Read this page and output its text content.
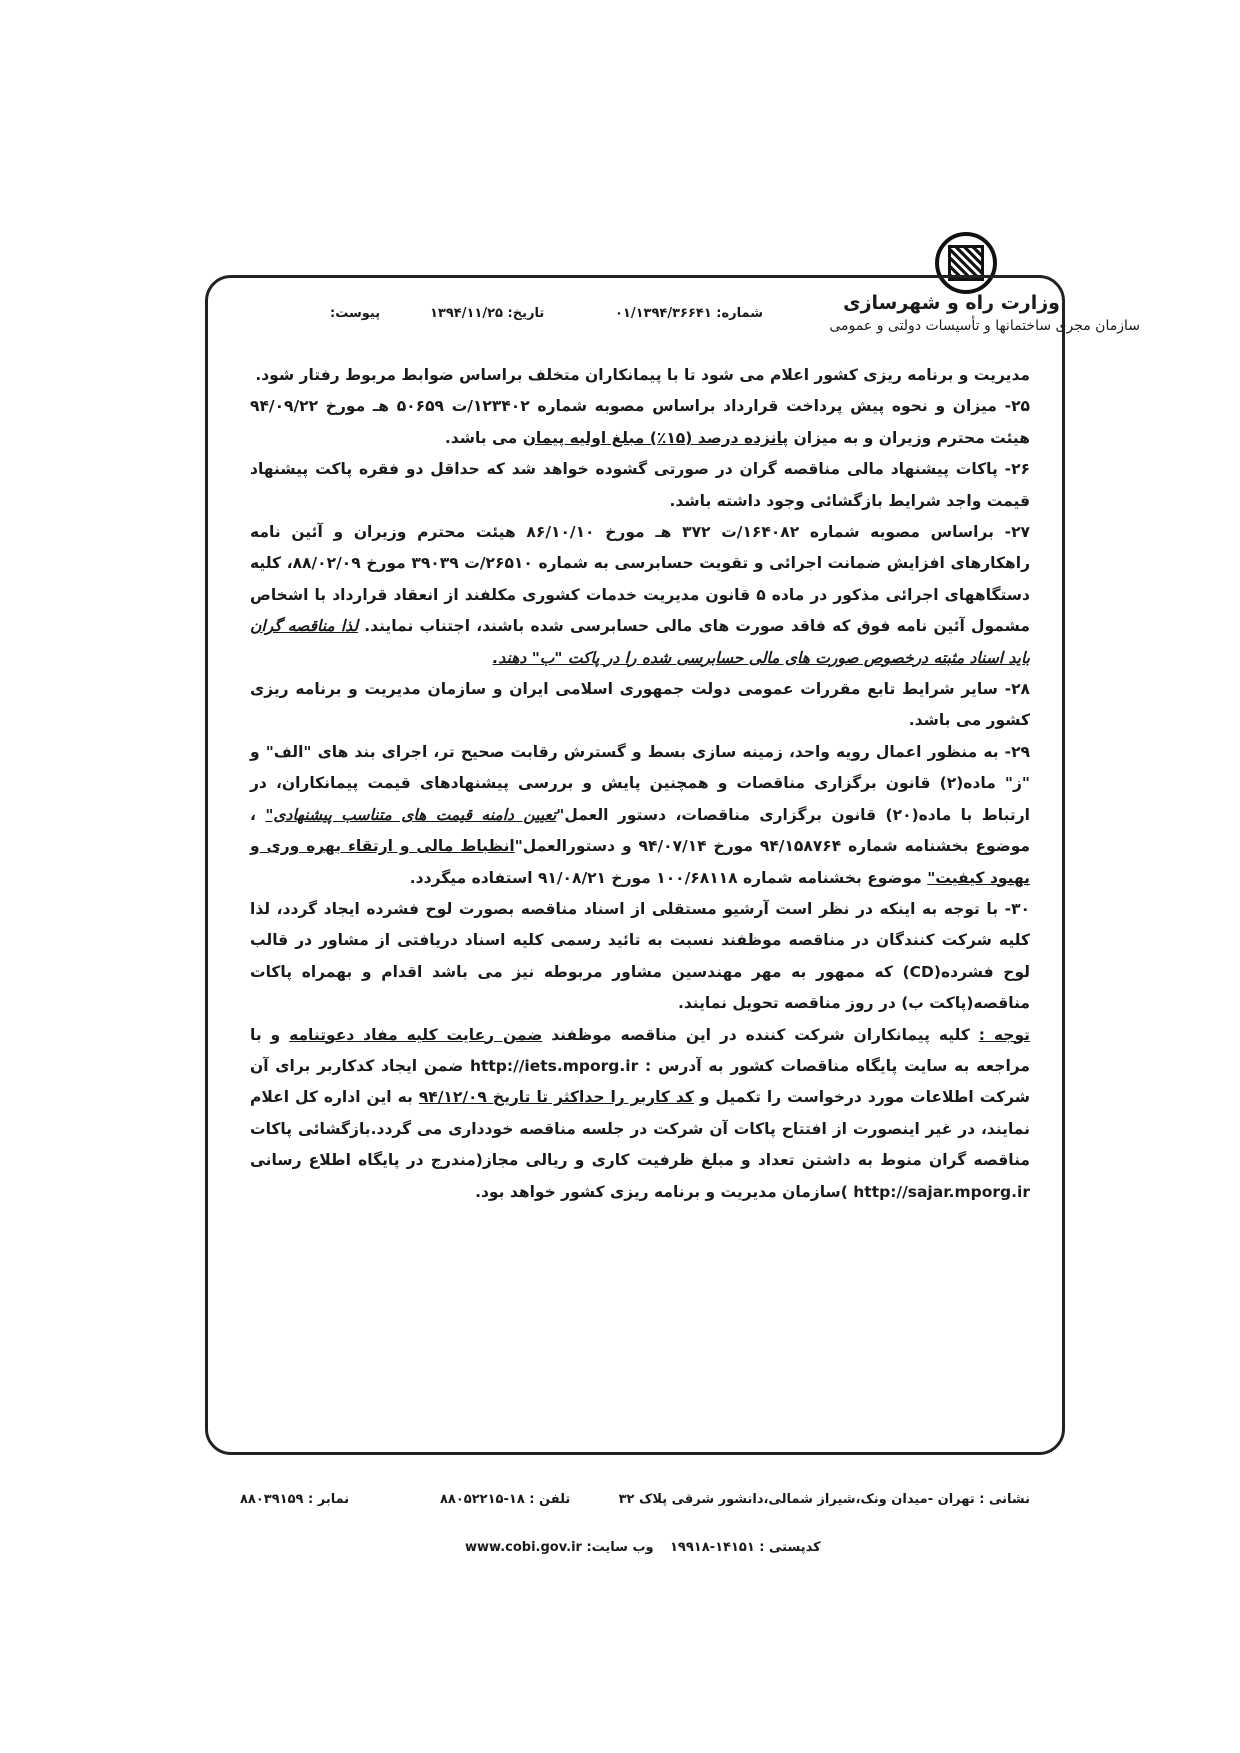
وزارت راه و شهرسازی
سازمان مجری ساختمانها و تأسیسات دولتی و عمومی
شماره: ۰۱/۱۳۹۴/۳۶۶۴۱
تاریخ: ۱۳۹۴/۱۱/۲۵
پیوست:

مدیریت و برنامه ریزی کشور اعلام می شود تا با پیمانکاران متخلف براساس ضوابط مربوط رفتار شود.

۲۵- میزان و نحوه پیش پرداخت قرارداد براساس مصوبه شماره ۱۲۳۴۰۲/ت ۵۰۶۵۹ هـ مورخ ۹۴/۰۹/۲۲ هیئت محترم وزیران و به میزان پانزده درصد (۱۵٪) مبلغ اولیه پیمان می باشد.

۲۶- پاکات پیشنهاد مالی مناقصه گران در صورتی گشوده خواهد شد که حداقل دو فقره پاکت پیشنهاد قیمت واجد شرایط بازگشائی وجود داشته باشد.

۲۷- براساس مصوبه شماره ۱۶۴۰۸۲/ت ۳۷۲ هـ مورخ ۸۶/۱۰/۱۰ هیئت محترم وزیران و آئین نامه راهکارهای افزایش ضمانت اجرائی و تقویت حسابرسی به شماره ۲۶۵۱۰/ت ۳۹۰۳۹ مورخ ۸۸/۰۲/۰۹، کلیه دستگاههای اجرائی مذکور در ماده ۵ قانون مدیریت خدمات کشوری مکلفند از انعقاد قرارداد با اشخاص مشمول آئین نامه فوق که فاقد صورت های مالی حسابرسی شده باشند، اجتناب نمایند. لذا مناقصه گران باید اسناد مثبته درخصوص صورت های مالی حسابرسی شده را در پاکت "ب" دهند.

۲۸- سایر شرایط تابع مقررات عمومی دولت جمهوری اسلامی ایران و سازمان مدیریت و برنامه ریزی کشور می باشد.

۲۹- به منظور اعمال رویه واحد، زمینه سازی بسط و گسترش رقابت صحیح تر، اجرای بند های "الف" و "ز" ماده(۲) قانون برگزاری مناقصات و همچنین پایش و بررسی پیشنهادهای قیمت پیمانکاران، در ارتباط با ماده(۲۰) قانون برگزاری مناقصات، دستور العمل"تعیین دامنه قیمت های متناسب پیشنهادی" ، موضوع بخشنامه شماره ۹۴/۱۵۸۷۶۴ مورخ ۹۴/۰۷/۱۴ و دستورالعمل"انظباط مالی و ارتقاء بهره وری و بهبود کیفیت" موضوع بخشنامه شماره ۱۰۰/۶۸۱۱۸ مورخ ۹۱/۰۸/۲۱ استفاده میگردد.

۳۰- با توجه به اینکه در نظر است آرشیو مستقلی از اسناد مناقصه بصورت لوح فشرده ایجاد گردد، لذا کلیه شرکت کنندگان در مناقصه موظفند نسبت به تائید رسمی کلیه اسناد دریافتی از مشاور در قالب لوح فشرده(CD) که ممهور به مهر مهندسین مشاور مربوطه نیز می باشد اقدام و بهمراه پاکات مناقصه(پاکت ب) در روز مناقصه تحویل نمایند.

توجه : کلیه پیمانکاران شرکت کننده در این مناقصه موظفند ضمن رعایت کلیه مفاد دعوتنامه و با مراجعه به سایت پایگاه مناقصات کشور به آدرس : http://iets.mporg.ir ضمن ایجاد کدکاربر برای آن شرکت اطلاعات مورد درخواست را تکمیل و کد کاربر را حداکثر تا تاریخ ۹۴/۱۲/۰۹ به این اداره کل اعلام نمایند، در غیر اینصورت از افتتاح پاکات آن شرکت در جلسه مناقصه خودداری می گردد.بازگشائی پاکات مناقصه گران منوط به داشتن تعداد و مبلغ ظرفیت کاری و ریالی مجاز(مندرج در پایگاه اطلاع رسانی http://sajar.mporg.ir )سازمان مدیریت و برنامه ریزی کشور خواهد بود.

نشانی : تهران -میدان ونک،شیراز شمالی،دانشور شرقی پلاک ۳۲
تلفن : ۱۸-۸۸۰۵۲۲۱۵
نمابر : ۸۸۰۳۹۱۵۹
کدپستی : ۱۴۱۵۱-۱۹۹۱۸
وب سایت: www.cobi.gov.ir
